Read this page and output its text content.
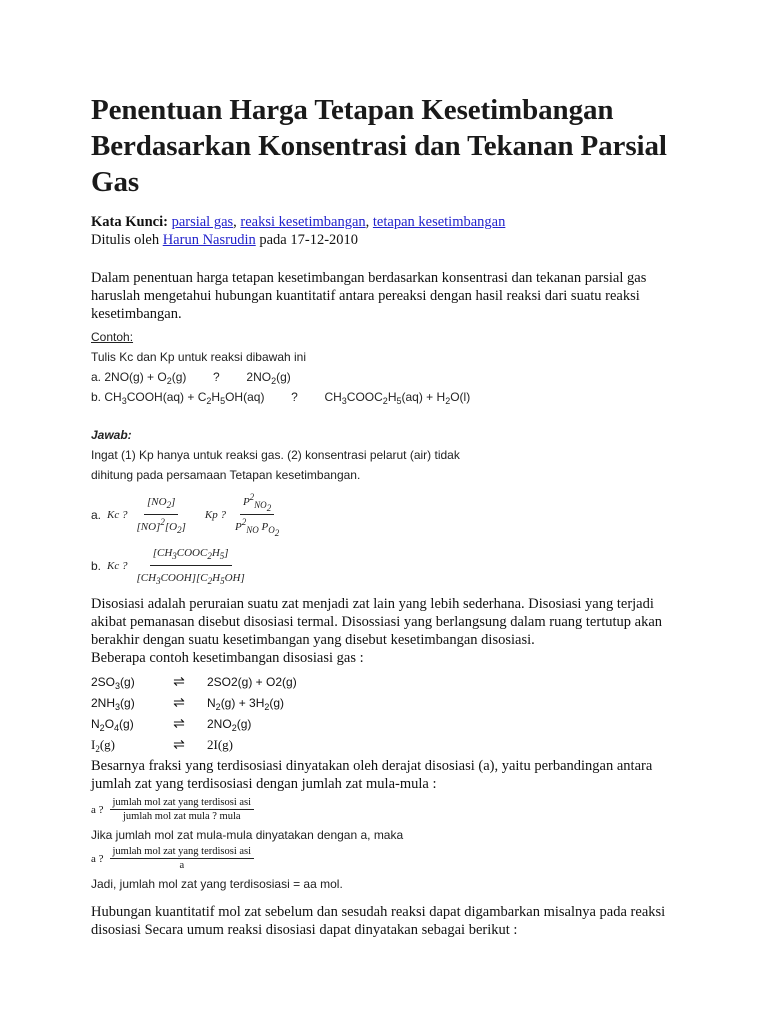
Penentuan Harga Tetapan Kesetimbangan Berdasarkan Konsentrasi dan Tekanan Parsial Gas
Kata Kunci: parsial gas, reaksi kesetimbangan, tetapan kesetimbangan
Ditulis oleh Harun Nasrudin pada 17-12-2010
Dalam penentuan harga tetapan kesetimbangan berdasarkan konsentrasi dan tekanan parsial gas haruslah mengetahui hubungan kuantitatif antara pereaksi dengan hasil reaksi dari suatu reaksi kesetimbangan.
Contoh:
Tulis Kc dan Kp untuk reaksi dibawah ini
a. $2NO(g) + O_2(g)$ ? $2NO_2(g)$
b. $CH_3COOH(aq) + C_2H_5OH(aq)$ ? $CH_3COOC_2H_5(aq) + H_2O(l)$
Jawab:
Ingat (1) Kp hanya untuk reaksi gas. (2) konsentrasi pelarut (air) tidak
dihitung pada persamaan Tetapan kesetimbangan.
a. Kc ? $\frac{[NO_2]}{[NO]^2[O_2]}$ Kp ? $\frac{P^2_{NO_2}}{P^2_{NO} P_{O_2}}$
b. Kc ? $\frac{[CH_3COOC_2H_5]}{[CH_3COOH][C_2H_5OH]}$
Disosiasi adalah peruraian suatu zat menjadi zat lain yang lebih sederhana. Disosiasi yang terjadi akibat pemanasan disebut disosiasi termal. Disossiasi yang berlangsung dalam ruang tertutup akan berakhir dengan suatu kesetimbangan yang disebut kesetimbangan disosiasi.
Beberapa contoh kesetimbangan disosiasi gas :
$2SO_3(g)$	⇌	2SO2(g) + O2(g)
$2NH_3(g)$	⇌	$N_2(g) + 3H_2(g)$
$N_2O_4(g)$	⇌	$2NO_2(g)$
$I_2(g)$	⇌	2I(g)
Besarnya fraksi yang terdisosiasi dinyatakan oleh derajat disosiasi (a), yaitu perbandingan antara jumlah zat yang terdisosiasi dengan jumlah zat mula-mula :
a ? $\frac{\text{jumlah mol zat yang terdisosi asi}}{\text{jumlah mol zat mula ? mula}}$
Jika jumlah mol zat mula-mula dinyatakan dengan a, maka
a ? $\frac{\text{jumlah mol zat yang terdisosi asi}}{a}$
Jadi, jumlah mol zat yang terdisosiasi = aa mol.
Hubungan kuantitatif mol zat sebelum dan sesudah reaksi dapat digambarkan misalnya pada reaksi disosiasi Secara umum reaksi disosiasi dapat dinyatakan sebagai berikut :
